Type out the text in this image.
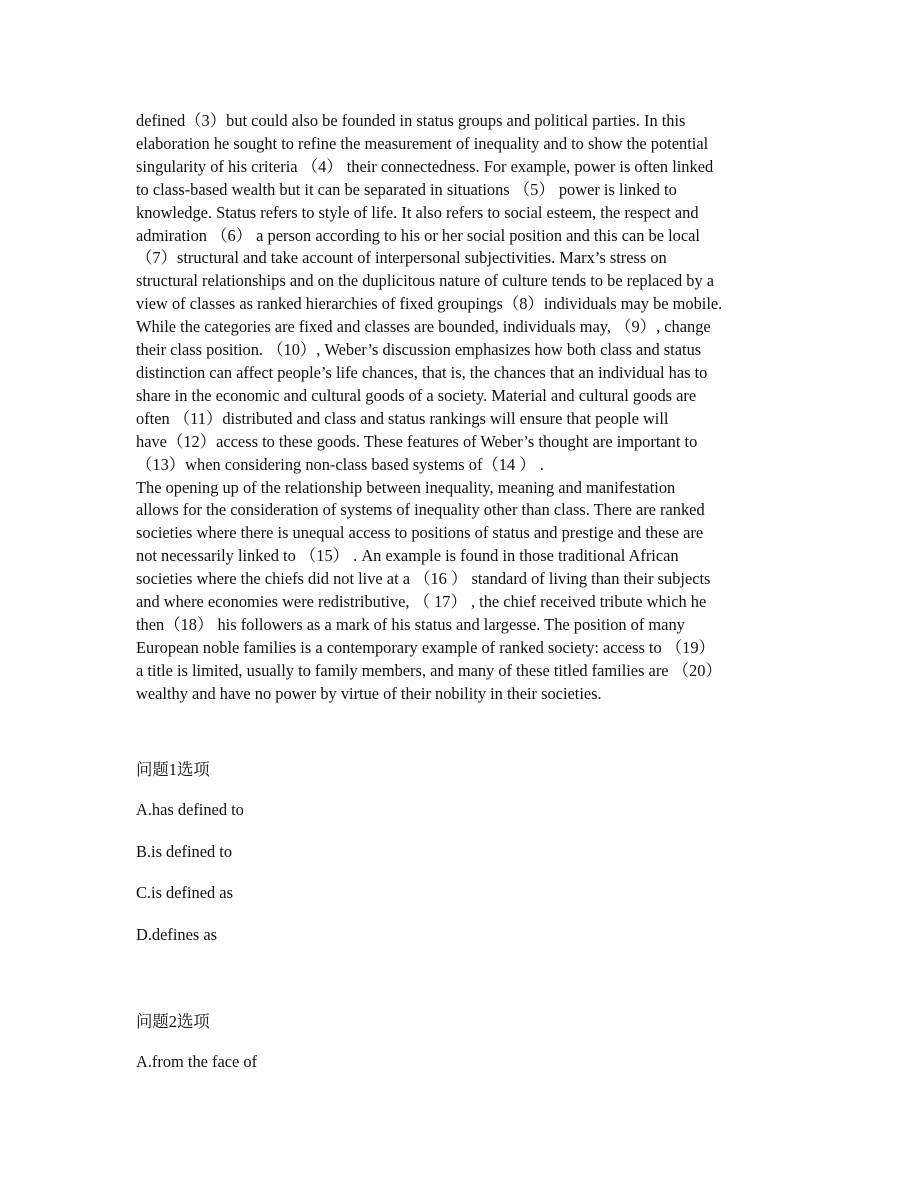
defined（3）but could also be founded in status groups and political parties. In this
elaboration he sought to refine the measurement of inequality and to show the potential
singularity of his criteria （4） their connectedness. For example, power is often linked
to class-based wealth but it can be separated in situations （5） power is linked to
knowledge. Status refers to style of life. It also refers to social esteem, the respect and
admiration （6） a person according to his or her social position and this can be local
（7）structural and take account of interpersonal subjectivities. Marx’s stress on
structural relationships and on the duplicitous nature of culture tends to be replaced by a
view of classes as ranked hierarchies of fixed groupings（8）individuals may be mobile.
While the categories are fixed and classes are bounded, individuals may, （9）, change
their class position. （10）, Weber’s discussion emphasizes how both class and status
distinction can affect people’s life chances, that is, the chances that an individual has to
share in the economic and cultural goods of a society. Material and cultural goods are
often （11）distributed and class and status rankings will ensure that people will
have（12）access to these goods. These features of Weber’s thought are important to
（13）when considering non-class based systems of（14 ） .
The opening up of the relationship between inequality, meaning and manifestation
allows for the consideration of systems of inequality other than class. There are ranked
societies where there is unequal access to positions of status and prestige and these are
not necessarily linked to （15） . An example is found in those traditional African
societies where the chiefs did not live at a （16 ） standard of living than their subjects
and where economies were redistributive, （ 17） , the chief received tribute which he
then（18） his followers as a mark of his status and largesse. The position of many
European noble families is a contemporary example of ranked society: access to （19）
a title is limited, usually to family members, and many of these titled families are （20）
wealthy and have no power by virtue of their nobility in their societies.
问题1选项
A.has defined to
B.is defined to
C.is defined as
D.defines as
问题2选项
A.from the face of
